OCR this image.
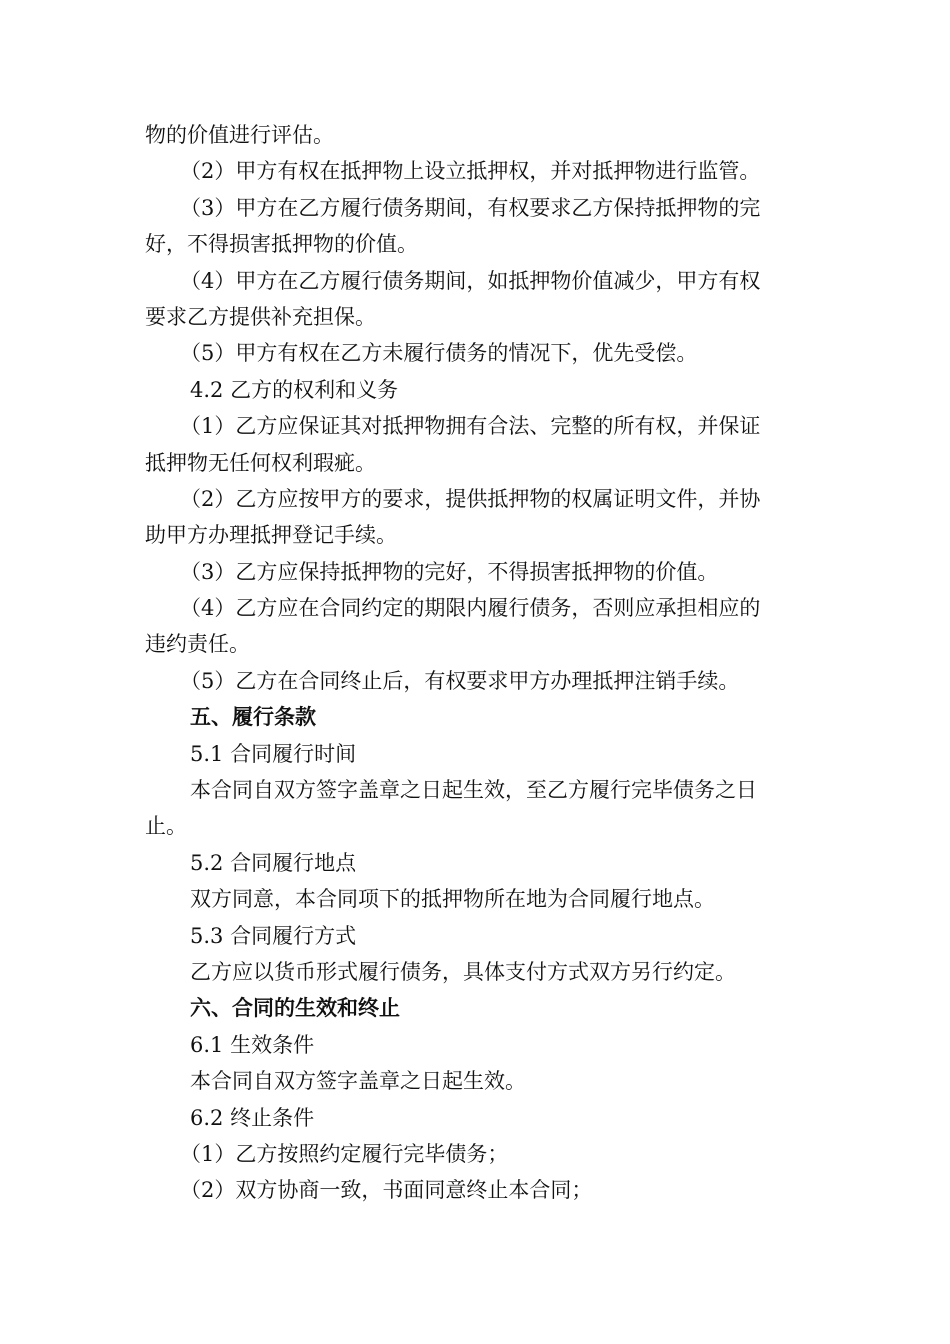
物的价值进行评估。
（2）甲方有权在抵押物上设立抵押权，并对抵押物进行监管。
（3）甲方在乙方履行债务期间，有权要求乙方保持抵押物的完
好，不得损害抵押物的价值。
（4）甲方在乙方履行债务期间，如抵押物价值减少，甲方有权
要求乙方提供补充担保。
（5）甲方有权在乙方未履行债务的情况下，优先受偿。
4.2 乙方的权利和义务
（1）乙方应保证其对抵押物拥有合法、完整的所有权，并保证
抵押物无任何权利瑕疵。
（2）乙方应按甲方的要求，提供抵押物的权属证明文件，并协
助甲方办理抵押登记手续。
（3）乙方应保持抵押物的完好，不得损害抵押物的价值。
（4）乙方应在合同约定的期限内履行债务，否则应承担相应的
违约责任。
（5）乙方在合同终止后，有权要求甲方办理抵押注销手续。
五、履行条款
5.1 合同履行时间
本合同自双方签字盖章之日起生效，至乙方履行完毕债务之日
止。
5.2 合同履行地点
双方同意，本合同项下的抵押物所在地为合同履行地点。
5.3 合同履行方式
乙方应以货币形式履行债务，具体支付方式双方另行约定。
六、合同的生效和终止
6.1 生效条件
本合同自双方签字盖章之日起生效。
6.2 终止条件
（1）乙方按照约定履行完毕债务；
（2）双方协商一致，书面同意终止本合同；
